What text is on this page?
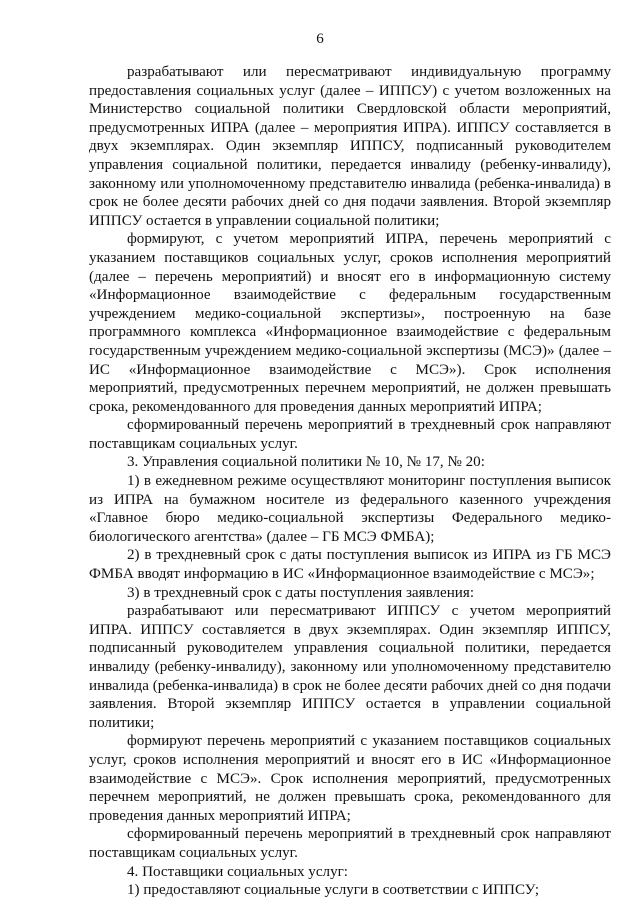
6

разрабатывают или пересматривают индивидуальную программу предоставления социальных услуг (далее – ИППСУ) с учетом возложенных на Министерство социальной политики Свердловской области мероприятий, предусмотренных ИПРА (далее – мероприятия ИПРА). ИППСУ составляется в двух экземплярах. Один экземпляр ИППСУ, подписанный руководителем управления социальной политики, передается инвалиду (ребенку-инвалиду), законному или уполномоченному представителю инвалида (ребенка-инвалида) в срок не более десяти рабочих дней со дня подачи заявления. Второй экземпляр ИППСУ остается в управлении социальной политики;

формируют, с учетом мероприятий ИПРА, перечень мероприятий с указанием поставщиков социальных услуг, сроков исполнения мероприятий (далее – перечень мероприятий) и вносят его в информационную систему «Информационное взаимодействие с федеральным государственным учреждением медико-социальной экспертизы», построенную на базе программного комплекса «Информационное взаимодействие с федеральным государственным учреждением медико-социальной экспертизы (МСЭ)» (далее – ИС «Информационное взаимодействие с МСЭ»). Срок исполнения мероприятий, предусмотренных перечнем мероприятий, не должен превышать срока, рекомендованного для проведения данных мероприятий ИПРА;

сформированный перечень мероприятий в трехдневный срок направляют поставщикам социальных услуг.

3. Управления социальной политики № 10, № 17, № 20:

1) в ежедневном режиме осуществляют мониторинг поступления выписок из ИПРА на бумажном носителе из федерального казенного учреждения «Главное бюро медико-социальной экспертизы Федерального медико-биологического агентства» (далее – ГБ МСЭ ФМБА);

2) в трехдневный срок с даты поступления выписок из ИПРА из ГБ МСЭ ФМБА вводят информацию в ИС «Информационное взаимодействие с МСЭ»;

3) в трехдневный срок с даты поступления заявления:

разрабатывают или пересматривают ИППСУ с учетом мероприятий ИПРА. ИППСУ составляется в двух экземплярах. Один экземпляр ИППСУ, подписанный руководителем управления социальной политики, передается инвалиду (ребенку-инвалиду), законному или уполномоченному представителю инвалида (ребенка-инвалида) в срок не более десяти рабочих дней со дня подачи заявления. Второй экземпляр ИППСУ остается в управлении социальной политики;

формируют перечень мероприятий с указанием поставщиков социальных услуг, сроков исполнения мероприятий и вносят его в ИС «Информационное взаимодействие с МСЭ». Срок исполнения мероприятий, предусмотренных перечнем мероприятий, не должен превышать срока, рекомендованного для проведения данных мероприятий ИПРА;

сформированный перечень мероприятий в трехдневный срок направляют поставщикам социальных услуг.

4. Поставщики социальных услуг:

1) предоставляют социальные услуги в соответствии с ИППСУ;
